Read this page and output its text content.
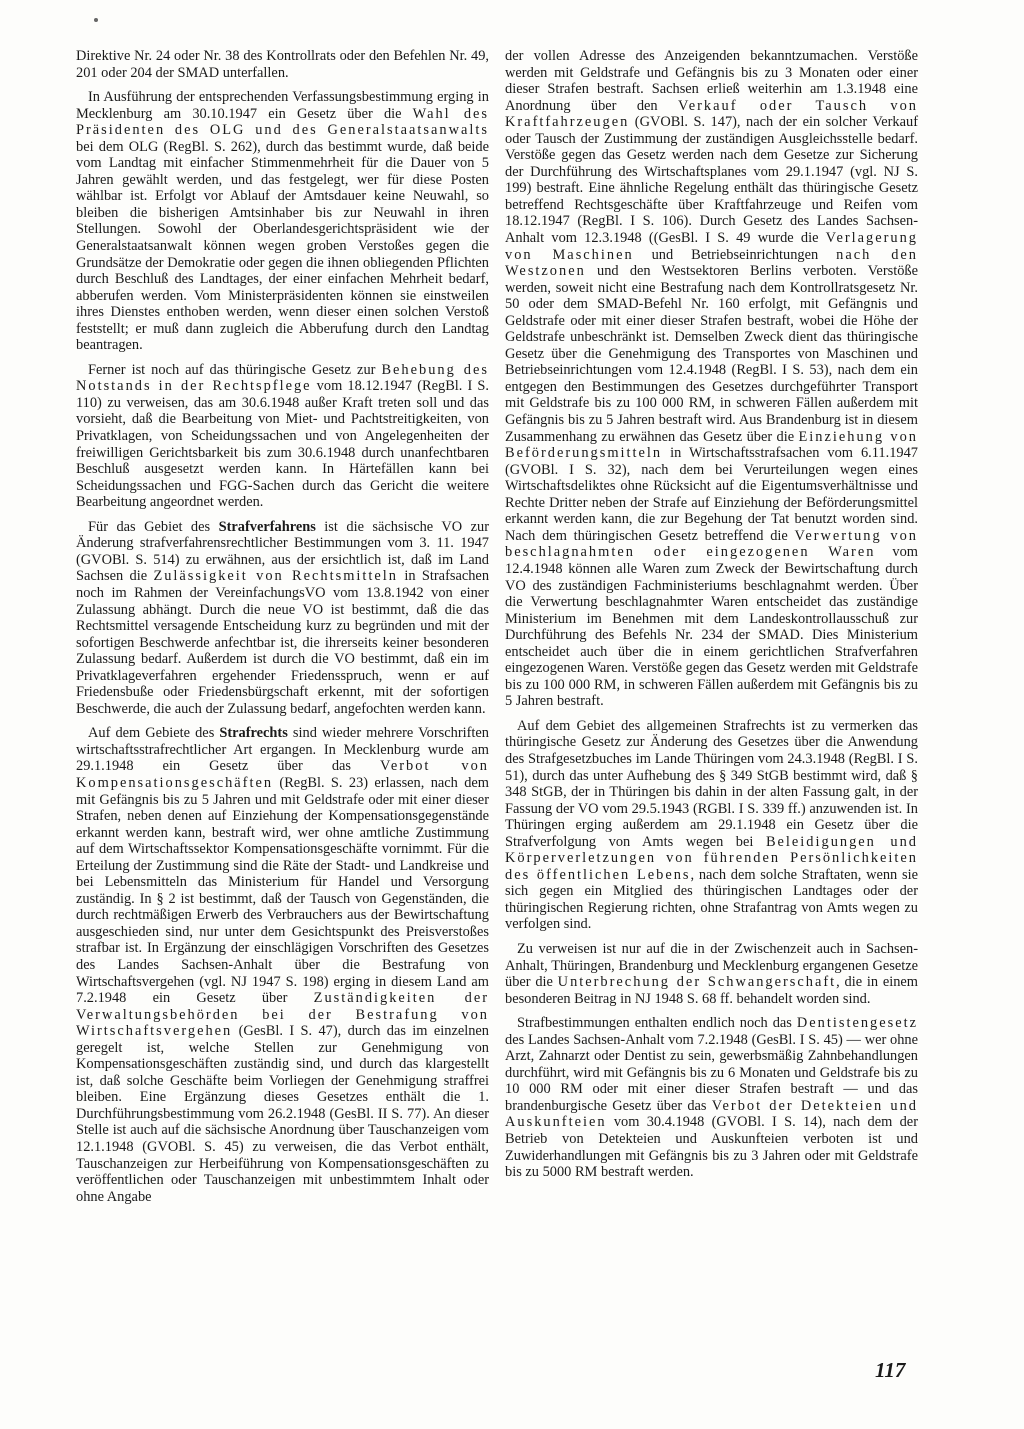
Direktive Nr. 24 oder Nr. 38 des Kontrollrats oder den Befehlen Nr. 49, 201 oder 204 der SMAD unterfallen.

In Ausführung der entsprechenden Verfassungsbestimmung erging in Mecklenburg am 30.10.1947 ein Gesetz über die Wahl des Präsidenten des OLG und des Generalstaatsanwalts bei dem OLG (RegBl. S. 262), durch das bestimmt wurde, daß beide vom Landtag mit einfacher Stimmenmehrheit für die Dauer von 5 Jahren gewählt werden, und das festgelegt, wer für diese Posten wählbar ist. Erfolgt vor Ablauf der Amtsdauer keine Neuwahl, so bleiben die bisherigen Amtsinhaber bis zur Neuwahl in ihren Stellungen. Sowohl der Oberlandesgerichtspräsident wie der Generalstaatsanwalt können wegen groben Verstoßes gegen die Grundsätze der Demokratie oder gegen die ihnen obliegenden Pflichten durch Beschluß des Landtages, der einer einfachen Mehrheit bedarf, abberufen werden. Vom Ministerpräsidenten können sie einstweilen ihres Dienstes enthoben werden, wenn dieser einen solchen Verstoß feststellt; er muß dann zugleich die Abberufung durch den Landtag beantragen.

Ferner ist noch auf das thüringische Gesetz zur Behebung des Notstands in der Rechtspflege vom 18.12.1947 (RegBl. I S. 110) zu verweisen, das am 30.6.1948 außer Kraft treten soll und das vorsieht, daß die Bearbeitung von Miet- und Pachtstreitigkeiten, von Privatklagen, von Scheidungssachen und von Angelegenheiten der freiwilligen Gerichtsbarkeit bis zum 30.6.1948 durch unanfechtbaren Beschluß ausgesetzt werden kann. In Härtefällen kann bei Scheidungssachen und FGG-Sachen durch das Gericht die weitere Bearbeitung angeordnet werden.

Für das Gebiet des Strafverfahrens ist die sächsische VO zur Änderung strafverfahrensrechtlicher Bestimmungen vom 3. 11. 1947 (GVOBl. S. 514) zu erwähnen, aus der ersichtlich ist, daß im Land Sachsen die Zulässigkeit von Rechtsmitteln in Strafsachen noch im Rahmen der VereinfachungsVO vom 13.8.1942 von einer Zulassung abhängt. Durch die neue VO ist bestimmt, daß die das Rechtsmittel versagende Entscheidung kurz zu begründen und mit der sofortigen Beschwerde anfechtbar ist, die ihrerseits keiner besonderen Zulassung bedarf. Außerdem ist durch die VO bestimmt, daß ein im Privatklageverfahren ergehender Friedensspruch, wenn er auf Friedensbuße oder Friedensbürgschaft erkennt, mit der sofortigen Beschwerde, die auch der Zulassung bedarf, angefochten werden kann.

Auf dem Gebiete des Strafrechts sind wieder mehrere Vorschriften wirtschaftsstrafrechtlicher Art ergangen. In Mecklenburg wurde am 29.1.1948 ein Gesetz über das Verbot von Kompensationsgeschäften (RegBl. S. 23) erlassen, nach dem mit Gefängnis bis zu 5 Jahren und mit Geldstrafe oder mit einer dieser Strafen, neben denen auf Einziehung der Kompensationsgegenstände erkannt werden kann, bestraft wird, wer ohne amtliche Zustimmung auf dem Wirtschaftssektor Kompensationsgeschäfte vornimmt. Für die Erteilung der Zustimmung sind die Räte der Stadt- und Landkreise und bei Lebensmitteln das Ministerium für Handel und Versorgung zuständig. In § 2 ist bestimmt, daß der Tausch von Gegenständen, die durch rechtmäßigen Erwerb des Verbrauchers aus der Bewirtschaftung ausgeschieden sind, nur unter dem Gesichtspunkt des Preisverstoßes strafbar ist. In Ergänzung der einschlägigen Vorschriften des Gesetzes des Landes Sachsen-Anhalt über die Bestrafung von Wirtschaftsvergehen (vgl. NJ 1947 S. 198) erging in diesem Land am 7.2.1948 ein Gesetz über Zuständigkeiten der Verwaltungsbehörden bei der Bestrafung von Wirtschaftsvergehen (GesBl. I S. 47), durch das im einzelnen geregelt ist, welche Stellen zur Genehmigung von Kompensationsgeschäften zuständig sind, und durch das klargestellt ist, daß solche Geschäfte beim Vorliegen der Genehmigung straffrei bleiben. Eine Ergänzung dieses Gesetzes enthält die 1. Durchführungsbestimmung vom 26.2.1948 (GesBl. II S. 77). An dieser Stelle ist auch auf die sächsische Anordnung über Tauschanzeigen vom 12.1.1948 (GVOBl. S. 45) zu verweisen, die das Verbot enthält, Tauschanzeigen zur Herbeiführung von Kompensationsgeschäften zu veröffentlichen oder Tauschanzeigen mit unbestimmtem Inhalt oder ohne Angabe

der vollen Adresse des Anzeigenden bekanntzumachen. Verstöße werden mit Geldstrafe und Gefängnis bis zu 3 Monaten oder einer dieser Strafen bestraft. Sachsen erließ weiterhin am 1.3.1948 eine Anordnung über den Verkauf oder Tausch von Kraftfahrzeugen (GVOBl. S. 147), nach der ein solcher Verkauf oder Tausch der Zustimmung der zuständigen Ausgleichsstelle bedarf. Verstöße gegen das Gesetz werden nach dem Gesetze zur Sicherung der Durchführung des Wirtschaftsplanes vom 29.1.1947 (vgl. NJ S. 199) bestraft. Eine ähnliche Regelung enthält das thüringische Gesetz betreffend Rechtsgeschäfte über Kraftfahrzeuge und Reifen vom 18.12.1947 (RegBl. I S. 106). Durch Gesetz des Landes Sachsen-Anhalt vom 12.3.1948 ((GesBl. I S. 49 wurde die Verlagerung von Maschinen und Betriebseinrichtungen nach den Westzonen und den Westsektoren Berlins verboten. Verstöße werden, soweit nicht eine Bestrafung nach dem Kontrollratsgesetz Nr. 50 oder dem SMAD-Befehl Nr. 160 erfolgt, mit Gefängnis und Geldstrafe oder mit einer dieser Strafen bestraft, wobei die Höhe der Geldstrafe unbeschränkt ist. Demselben Zweck dient das thüringische Gesetz über die Genehmigung des Transportes von Maschinen und Betriebseinrichtungen vom 12.4.1948 (RegBl. I S. 53), nach dem ein entgegen den Bestimmungen des Gesetzes durchgeführter Transport mit Geldstrafe bis zu 100 000 RM, in schweren Fällen außerdem mit Gefängnis bis zu 5 Jahren bestraft wird. Aus Brandenburg ist in diesem Zusammenhang zu erwähnen das Gesetz über die Einziehung von Beförderungsmitteln in Wirtschaftsstrafsachen vom 6.11.1947 (GVOBl. I S. 32), nach dem bei Verurteilungen wegen eines Wirtschaftsdeliktes ohne Rücksicht auf die Eigentumsverhältnisse und Rechte Dritter neben der Strafe auf Einziehung der Beförderungsmittel erkannt werden kann, die zur Begehung der Tat benutzt worden sind. Nach dem thüringischen Gesetz betreffend die Verwertung von beschlagnahmten oder eingezogenen Waren vom 12.4.1948 können alle Waren zum Zweck der Bewirtschaftung durch VO des zuständigen Fachministeriums beschlagnahmt werden. Über die Verwertung beschlagnahmter Waren entscheidet das zuständige Ministerium im Benehmen mit dem Landeskontrollausschuß zur Durchführung des Befehls Nr. 234 der SMAD. Dies Ministerium entscheidet auch über die in einem gerichtlichen Strafverfahren eingezogenen Waren. Verstöße gegen das Gesetz werden mit Geldstrafe bis zu 100 000 RM, in schweren Fällen außerdem mit Gefängnis bis zu 5 Jahren bestraft.

Auf dem Gebiet des allgemeinen Strafrechts ist zu vermerken das thüringische Gesetz zur Änderung des Gesetzes über die Anwendung des Strafgesetzbuches im Lande Thüringen vom 24.3.1948 (RegBl. I S. 51), durch das unter Aufhebung des § 349 StGB bestimmt wird, daß § 348 StGB, der in Thüringen bis dahin in der alten Fassung galt, in der Fassung der VO vom 29.5.1943 (RGBl. I S. 339 ff.) anzuwenden ist. In Thüringen erging außerdem am 29.1.1948 ein Gesetz über die Strafverfolgung von Amts wegen bei Beleidigungen und Körperverletzungen von führenden Persönlichkeiten des öffentlichen Lebens, nach dem solche Straftaten, wenn sie sich gegen ein Mitglied des thüringischen Landtages oder der thüringischen Regierung richten, ohne Strafantrag von Amts wegen zu verfolgen sind.

Zu verweisen ist nur auf die in der Zwischenzeit auch in Sachsen-Anhalt, Thüringen, Brandenburg und Mecklenburg ergangenen Gesetze über die Unterbrechung der Schwangerschaft, die in einem besonderen Beitrag in NJ 1948 S. 68 ff. behandelt worden sind.

Strafbestimmungen enthalten endlich noch das Dentistengesetz des Landes Sachsen-Anhalt vom 7.2.1948 (GesBl. I S. 45) — wer ohne Arzt, Zahnarzt oder Dentist zu sein, gewerbsmäßig Zahnbehandlungen durchführt, wird mit Gefängnis bis zu 6 Monaten und Geldstrafe bis zu 10 000 RM oder mit einer dieser Strafen bestraft — und das brandenburgische Gesetz über das Verbot der Detekteien und Auskunfteien vom 30.4.1948 (GVOBl. I S. 14), nach dem der Betrieb von Detekteien und Auskunfteien verboten ist und Zuwiderhandlungen mit Gefängnis bis zu 3 Jahren oder mit Geldstrafe bis zu 5000 RM bestraft werden.

117
